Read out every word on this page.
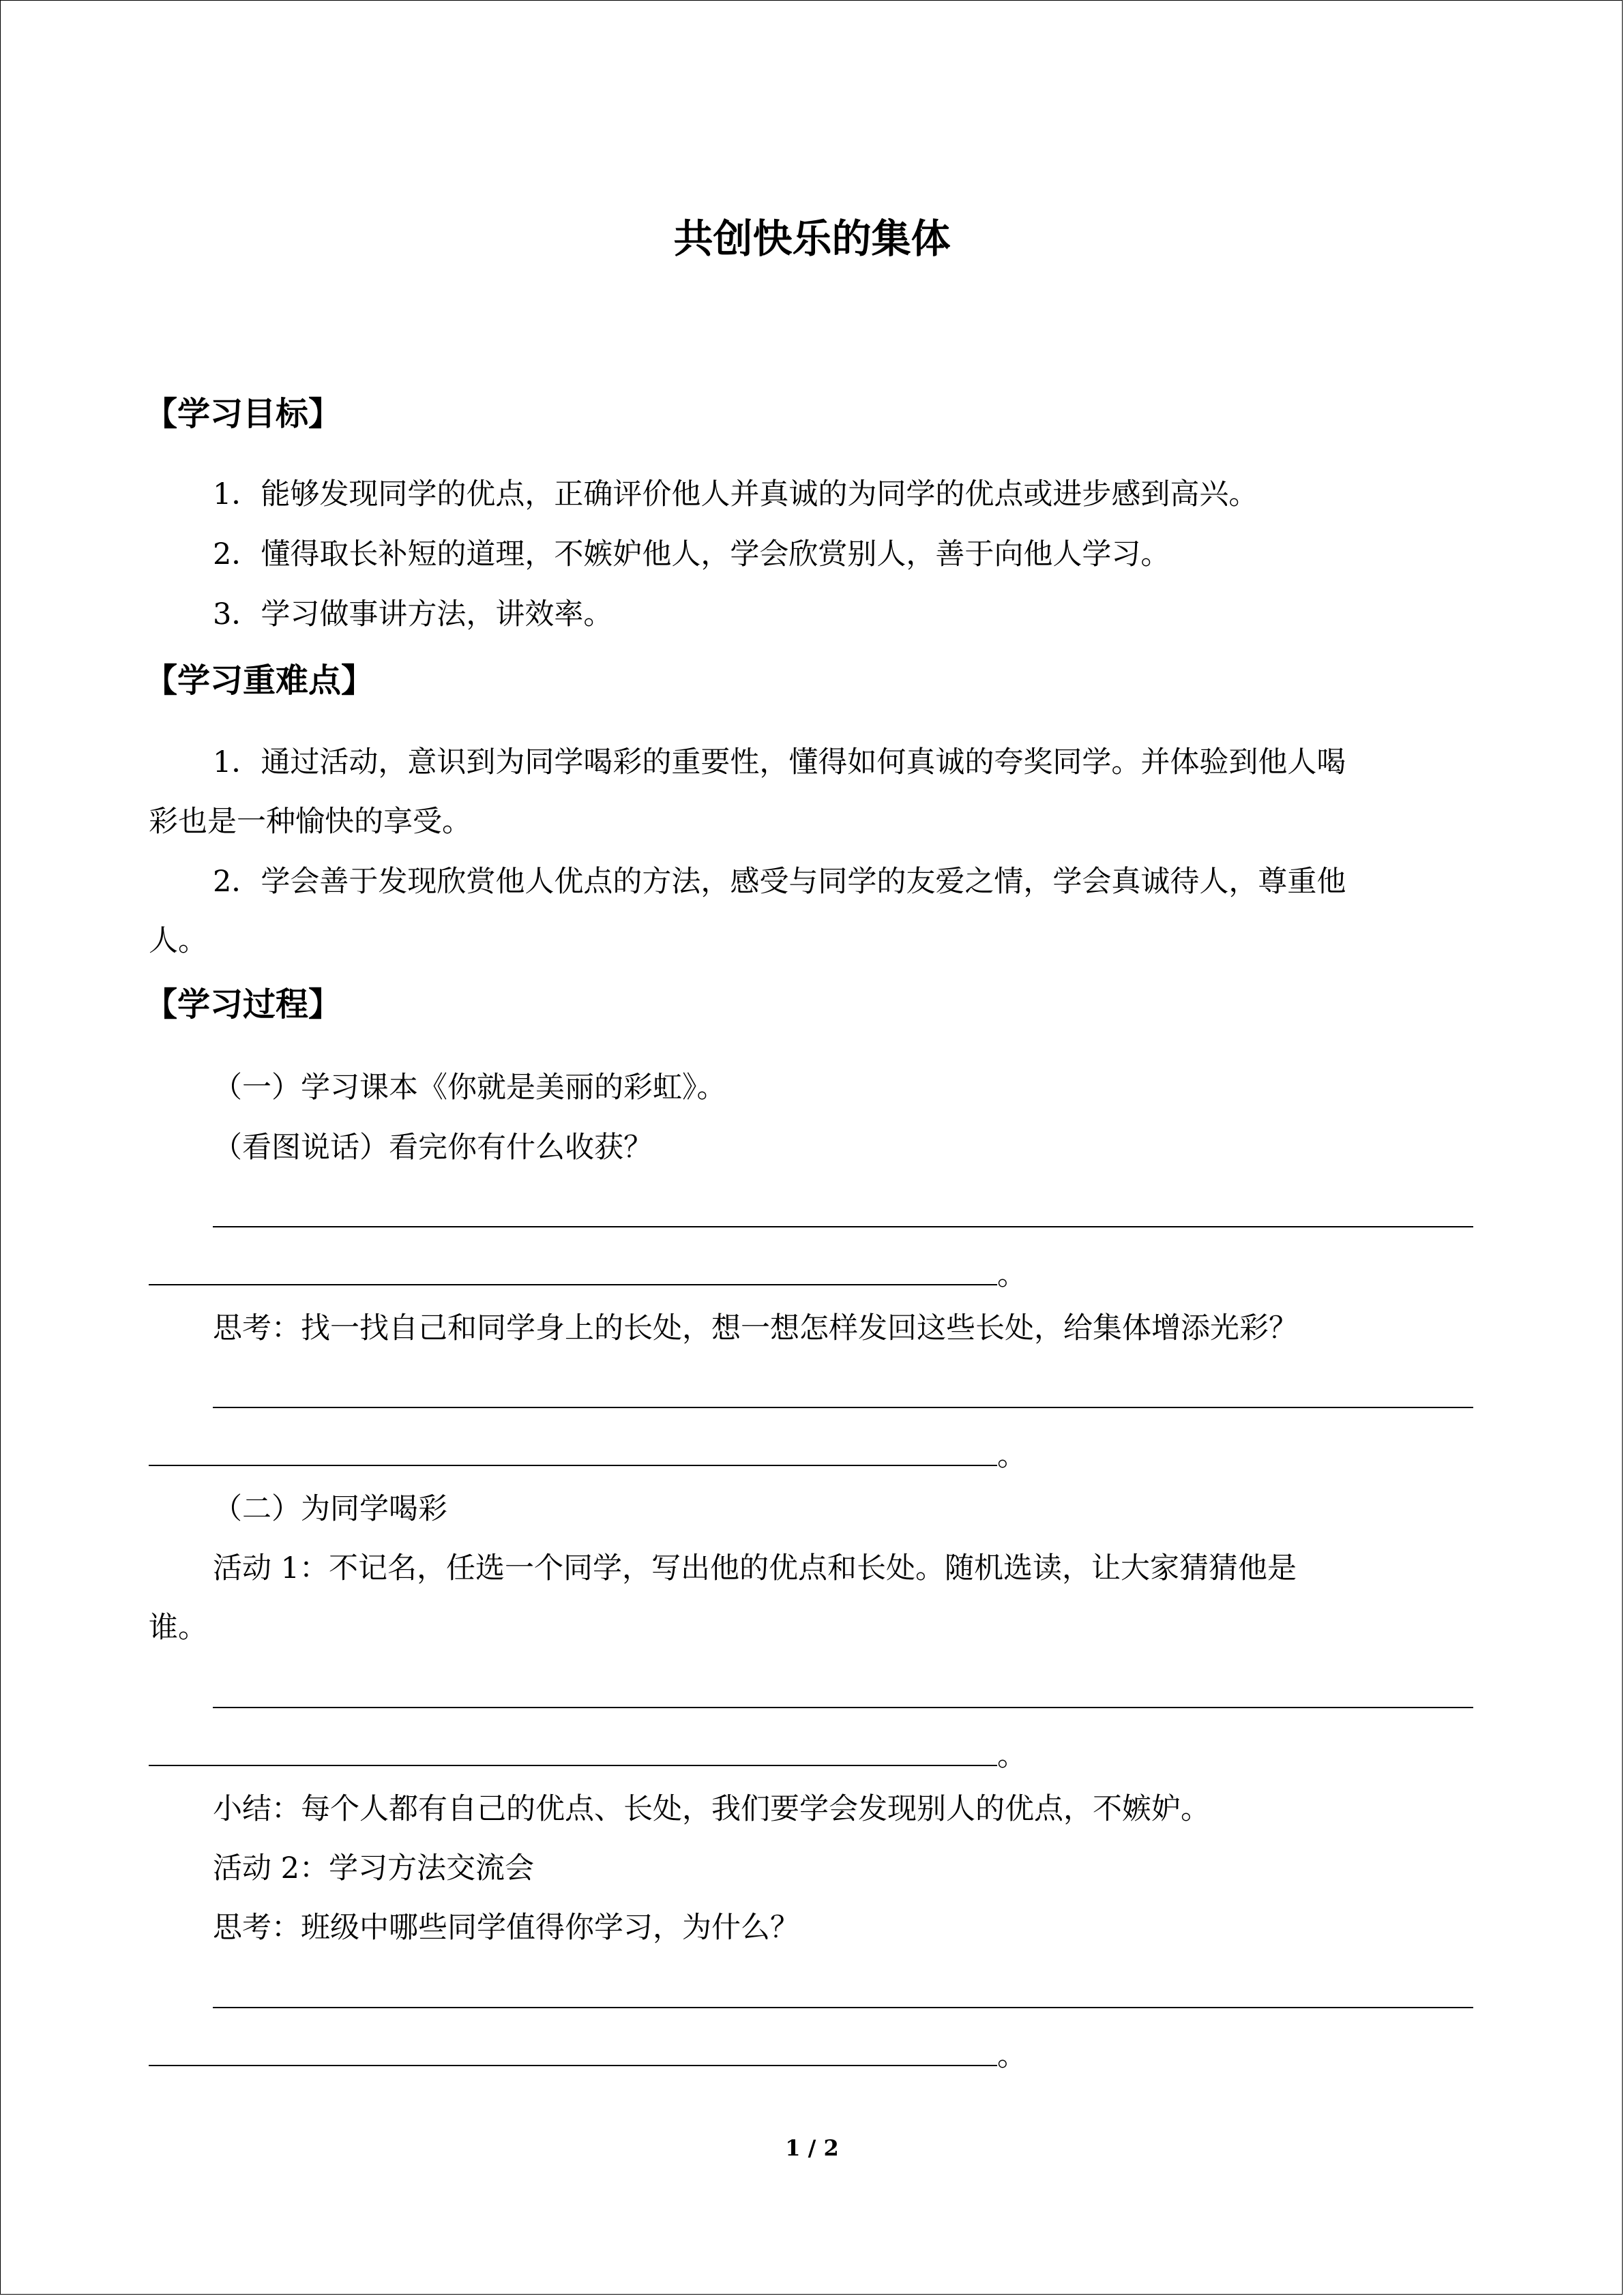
共创快乐的集体
【学习目标】

1．能够发现同学的优点，正确评价他人并真诚的为同学的优点或进步感到高兴。

2．懂得取长补短的道理，不嫉妒他人，学会欣赏别人，善于向他人学习。

3．学习做事讲方法，讲效率。

【学习重难点】

1．通过活动，意识到为同学喝彩的重要性，懂得如何真诚的夸奖同学。并体验到他人喝

彩也是一种愉快的享受。

2．学会善于发现欣赏他人优点的方法，感受与同学的友爱之情，学会真诚待人，尊重他

人。

【学习过程】

（一）学习课本《你就是美丽的彩虹》。

（看图说话）看完你有什么收获？

。

思考：找一找自己和同学身上的长处，想一想怎样发回这些长处，给集体增添光彩？

。

（二）为同学喝彩

活动 1：不记名，任选一个同学，写出他的优点和长处。随机选读，让大家猜猜他是

谁。

。

小结：每个人都有自己的优点、长处，我们要学会发现别人的优点，不嫉妒。

活动 2：学习方法交流会

思考：班级中哪些同学值得你学习，为什么？

。

1 / 2
